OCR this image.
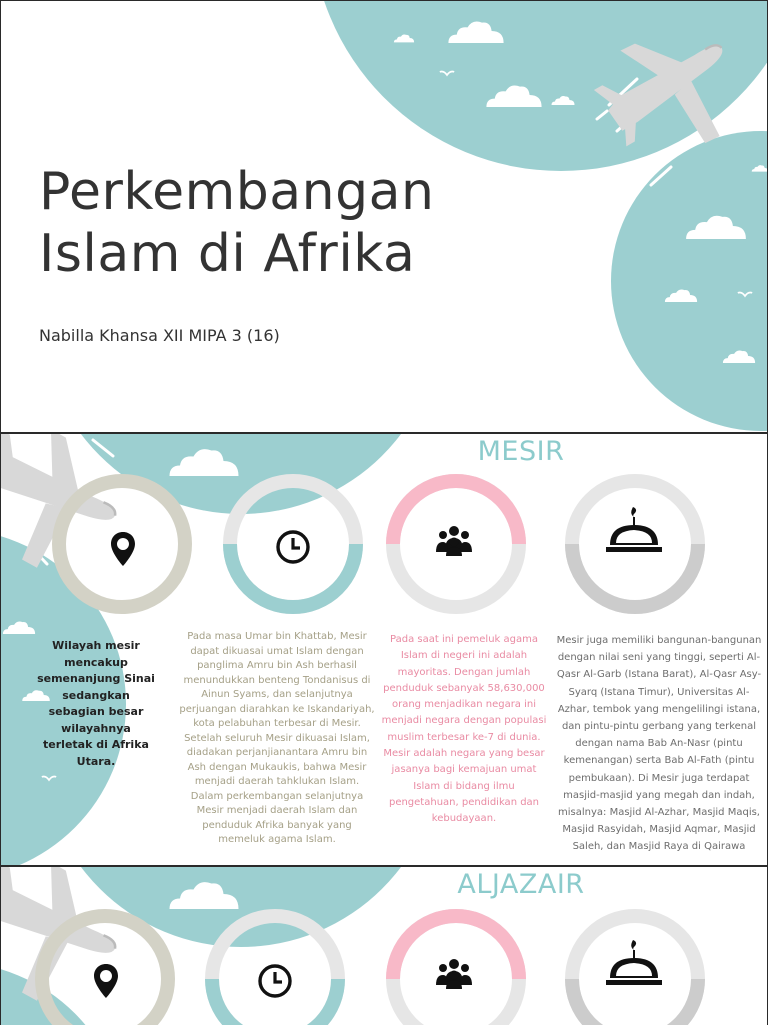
Perkembangan
Islam di Afrika
Nabilla Khansa XII MIPA 3 (16)
MESIR

Wilayah mesir mencakup semenanjung Sinai sedangkan sebagian besar wilayahnya terletak di Afrika Utara.

Pada masa Umar bin Khattab, Mesir dapat dikuasai umat Islam dengan panglima Amru bin Ash berhasil menundukkan benteng Tondanisus di Ainun Syams, dan selanjutnya perjuangan diarahkan ke Iskandariyah, kota pelabuhan terbesar di Mesir. Setelah seluruh Mesir dikuasai Islam, diadakan perjanjianantara Amru bin Ash dengan Mukaukis, bahwa Mesir menjadi daerah tahklukan Islam. Dalam perkembangan selanjutnya Mesir menjadi daerah Islam dan penduduk Afrika banyak yang memeluk agama Islam.

Pada saat ini pemeluk agama Islam di negeri ini adalah mayoritas. Dengan jumlah penduduk sebanyak 58,630,000 orang menjadikan negara ini menjadi negara dengan populasi muslim terbesar ke-7 di dunia. Mesir adalah negara yang besar jasanya bagi kemajuan umat Islam di bidang ilmu pengetahuan, pendidikan dan kebudayaan.

Mesir juga memiliki bangunan-bangunan dengan nilai seni yang tinggi, seperti Al-Qasr Al-Garb (Istana Barat), Al-Qasr Asy-Syarq (Istana Timur), Universitas Al-Azhar, tembok yang mengelilingi istana, dan pintu-pintu gerbang yang terkenal dengan nama Bab An-Nasr (pintu kemenangan) serta Bab Al-Fath (pintu pembukaan). Di Mesir juga terdapat masjid-masjid yang megah dan indah, misalnya: Masjid Al-Azhar, Masjid Maqis, Masjid Rasyidah, Masjid Aqmar, Masjid Saleh, dan Masjid Raya di Qairawa

ALJAZAIR
